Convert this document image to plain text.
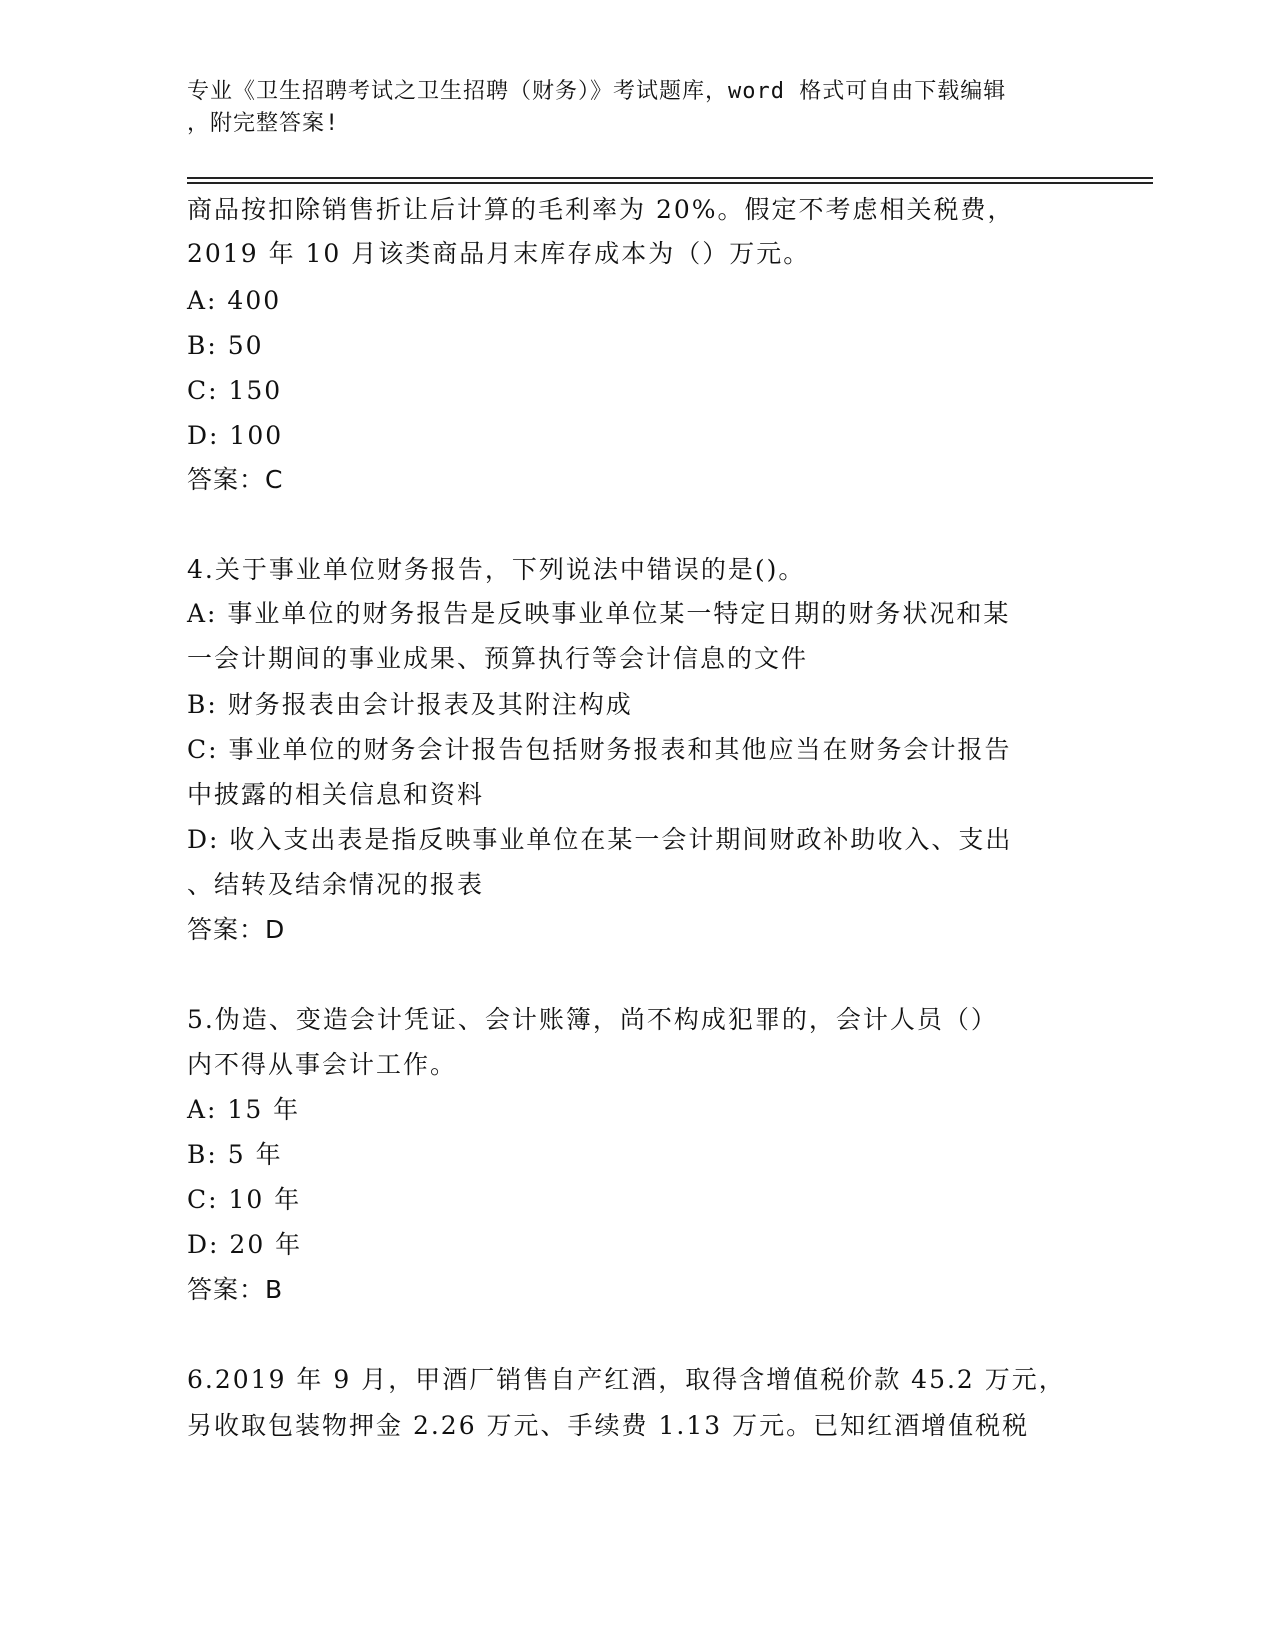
专业《卫生招聘考试之卫生招聘（财务）》考试题库，word 格式可自由下载编辑
，附完整答案!
商品按扣除销售折让后计算的毛利率为 20%。假定不考虑相关税费，
2019 年 10 月该类商品月末库存成本为（）万元。
A: 400
B: 50
C: 150
D: 100
答案：C
4.关于事业单位财务报告，下列说法中错误的是()。
A: 事业单位的财务报告是反映事业单位某一特定日期的财务状况和某
一会计期间的事业成果、预算执行等会计信息的文件
B: 财务报表由会计报表及其附注构成
C: 事业单位的财务会计报告包括财务报表和其他应当在财务会计报告
中披露的相关信息和资料
D: 收入支出表是指反映事业单位在某一会计期间财政补助收入、支出
、结转及结余情况的报表
答案：D
5.伪造、变造会计凭证、会计账簿，尚不构成犯罪的，会计人员（）
内不得从事会计工作。
A: 15 年
B: 5 年
C: 10 年
D: 20 年
答案：B
6.2019 年 9 月，甲酒厂销售自产红酒，取得含增值税价款 45.2 万元，
另收取包装物押金 2.26 万元、手续费 1.13 万元。已知红酒增值税税
